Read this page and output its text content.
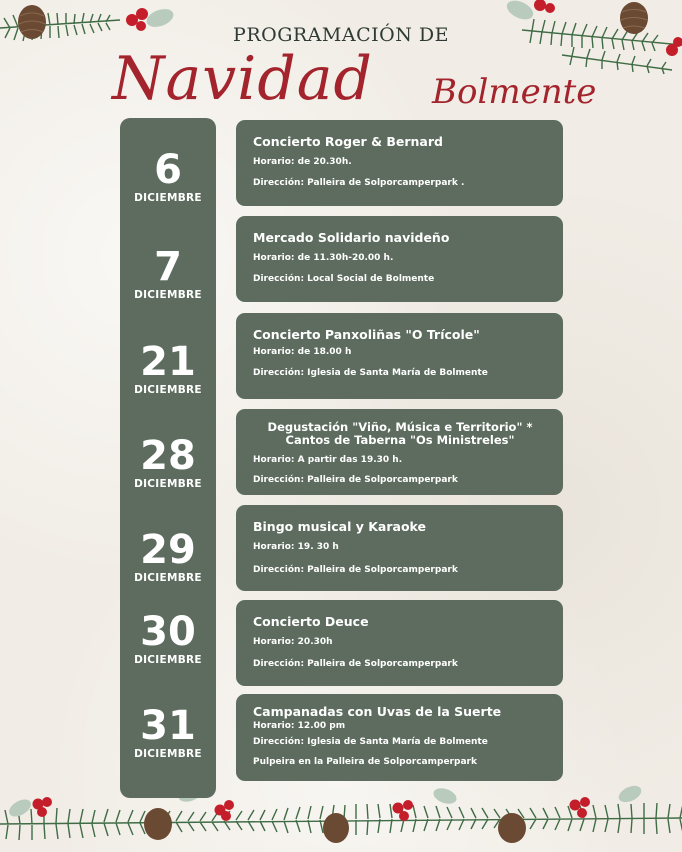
PROGRAMACIÓN DE
Navidad Bolmente
6
DICIEMBRE
7
DICIEMBRE
21
DICIEMBRE
28
DICIEMBRE
29
DICIEMBRE
30
DICIEMBRE
31
DICIEMBRE
Concierto Roger & Bernard
Horario: de 20.30h.
Dirección: Palleira de Solporcamperpark .
Mercado Solidario navideño
Horario: de 11.30h-20.00 h.
Dirección: Local Social de Bolmente
Concierto Panxoliñas "O Trícole"
Horario: de 18.00 h
Dirección: Iglesia de Santa María de Bolmente
Degustación "Viño, Música e Territorio" *
Cantos de Taberna "Os Ministreles"
Horario: A partir das 19.30 h.
Dirección: Palleira de Solporcamperpark
Bingo musical y Karaoke
Horario: 19. 30 h
Dirección: Palleira de Solporcamperpark
Concierto Deuce
Horario: 20.30h
Dirección: Palleira de Solporcamperpark
Campanadas con Uvas de la Suerte
Horario: 12.00 pm
Dirección: Iglesia de Santa María de Bolmente
Pulpeira en la Palleira de Solporcamperpark
